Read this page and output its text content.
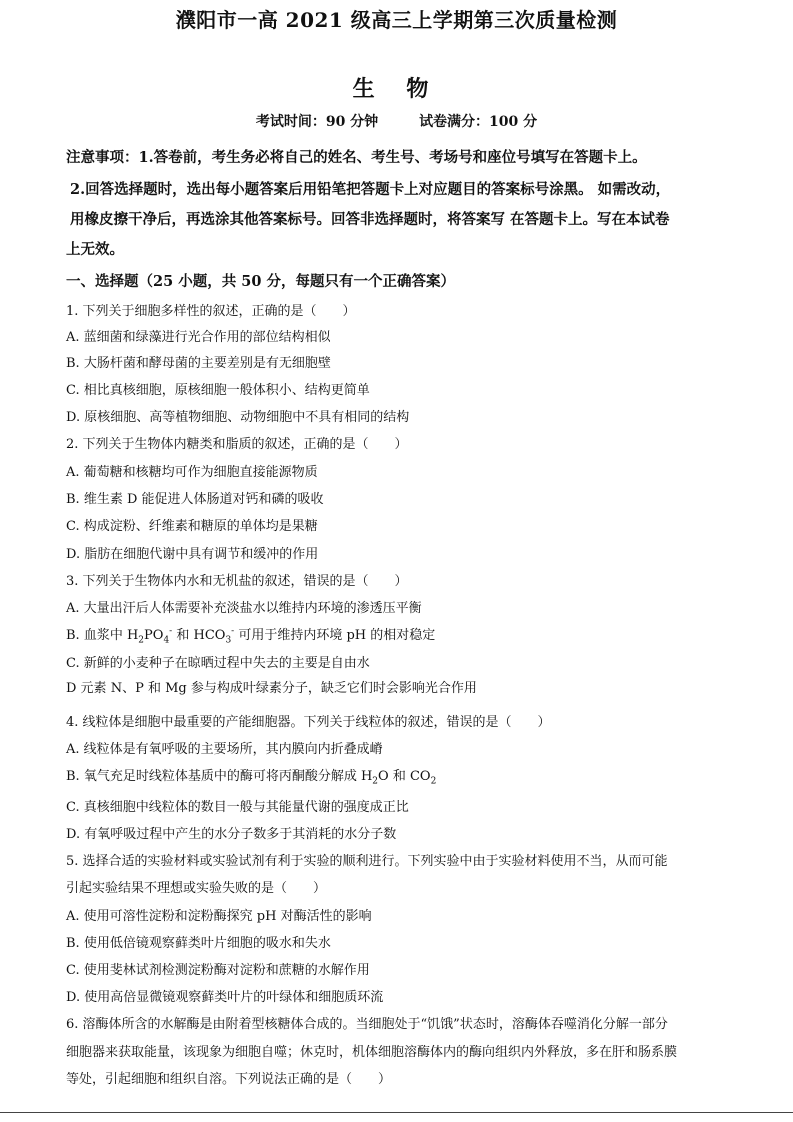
濮阳市一高 2021 级高三上学期第三次质量检测
生 物
考试时间：90 分钟	试卷满分：100 分
注意事项：1.答卷前，考生务必将自己的姓名、考生号、考场号和座位号填写在答题卡上。
2.回答选择题时，选出每小题答案后用铅笔把答题卡上对应题目的答案标号涂黑。 如需改动，
用橡皮擦干净后，再选涂其他答案标号。回答非选择题时，将答案写 在答题卡上。写在本试卷
上无效。
一、选择题（25 小题，共 50 分，每题只有一个正确答案）
1. 下列关于细胞多样性的叙述，正确的是（　　）
A. 蓝细菌和绿藻进行光合作用的部位结构相似
B. 大肠杆菌和酵母菌的主要差别是有无细胞壁
C. 相比真核细胞，原核细胞一般体积小、结构更简单
D. 原核细胞、高等植物细胞、动物细胞中不具有相同的结构
2. 下列关于生物体内糖类和脂质的叙述，正确的是（　　）
A. 葡萄糖和核糖均可作为细胞直接能源物质
B. 维生素 D 能促进人体肠道对钙和磷的吸收
C. 构成淀粉、纤维素和糖原的单体均是果糖
D. 脂肪在细胞代谢中具有调节和缓冲的作用
3. 下列关于生物体内水和无机盐的叙述，错误的是（　　）
A. 大量出汗后人体需要补充淡盐水以维持内环境的渗透压平衡
B. 血浆中 $H_2PO_4^-$ 和 $HCO_3^-$ 可用于维持内环境 pH 的相对稳定
C. 新鲜的小麦种子在晾晒过程中失去的主要是自由水
D 元素 N、P 和 Mg 参与构成叶绿素分子，缺乏它们时会影响光合作用
4. 线粒体是细胞中最重要的产能细胞器。下列关于线粒体的叙述，错误的是（　　）
A. 线粒体是有氧呼吸的主要场所，其内膜向内折叠成嵴
B. 氧气充足时线粒体基质中的酶可将丙酮酸分解成 $H_2O$ 和 $CO_2$
C. 真核细胞中线粒体的数目一般与其能量代谢的强度成正比
D. 有氧呼吸过程中产生的水分子数多于其消耗的水分子数
5. 选择合适的实验材料或实验试剂有利于实验的顺利进行。下列实验中由于实验材料使用不当，从而可能
引起实验结果不理想或实验失败的是（　　）
A. 使用可溶性淀粉和淀粉酶探究 pH 对酶活性的影响
B. 使用低倍镜观察藓类叶片细胞的吸水和失水
C. 使用斐林试剂检测淀粉酶对淀粉和蔗糖的水解作用
D. 使用高倍显微镜观察藓类叶片的叶绿体和细胞质环流
6. 溶酶体所含的水解酶是由附着型核糖体合成的。当细胞处于“饥饿”状态时，溶酶体吞噬消化分解一部分
细胞器来获取能量，该现象为细胞自噬；休克时，机体细胞溶酶体内的酶向组织内外释放，多在肝和肠系膜
等处，引起细胞和组织自溶。下列说法正确的是（　　）
